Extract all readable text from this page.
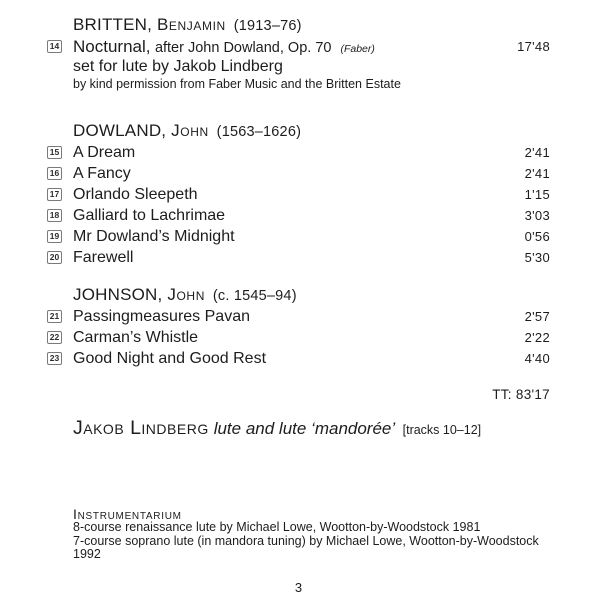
BRITTEN, Benjamin (1913–76)
14 Nocturnal, after John Dowland, Op. 70 (Faber)	17'48
set for lute by Jakob Lindberg
by kind permission from Faber Music and the Britten Estate
DOWLAND, John (1563–1626)
15 A Dream	2'41
16 A Fancy	2'41
17 Orlando Sleepeth	1'15
18 Galliard to Lachrimae	3'03
19 Mr Dowland’s Midnight	0'56
20 Farewell	5'30
JOHNSON, John (c. 1545–94)
21 Passingmeasures Pavan	2'57
22 Carman’s Whistle	2'22
23 Good Night and Good Rest	4'40
TT: 83'17
Jakob Lindberg lute and lute ‘mandorée’ [tracks 10–12]
Instrumentarium
8-course renaissance lute by Michael Lowe, Wootton-by-Woodstock 1981
7-course soprano lute (in mandora tuning) by Michael Lowe, Wootton-by-Woodstock 1992
3
